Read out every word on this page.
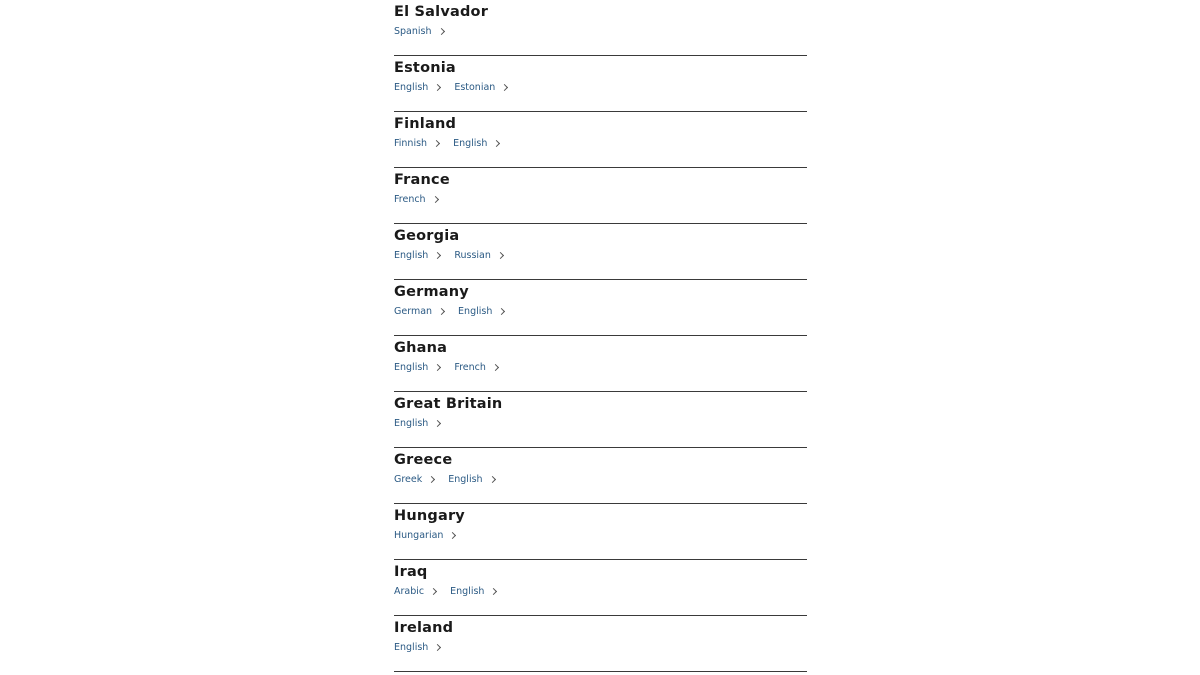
El Salvador
Spanish
Estonia
English	Estonian
Finland
Finnish	English
France
French
Georgia
English	Russian
Germany
German	English
Ghana
English	French
Great Britain
English
Greece
Greek	English
Hungary
Hungarian
Iraq
Arabic	English
Ireland
English
